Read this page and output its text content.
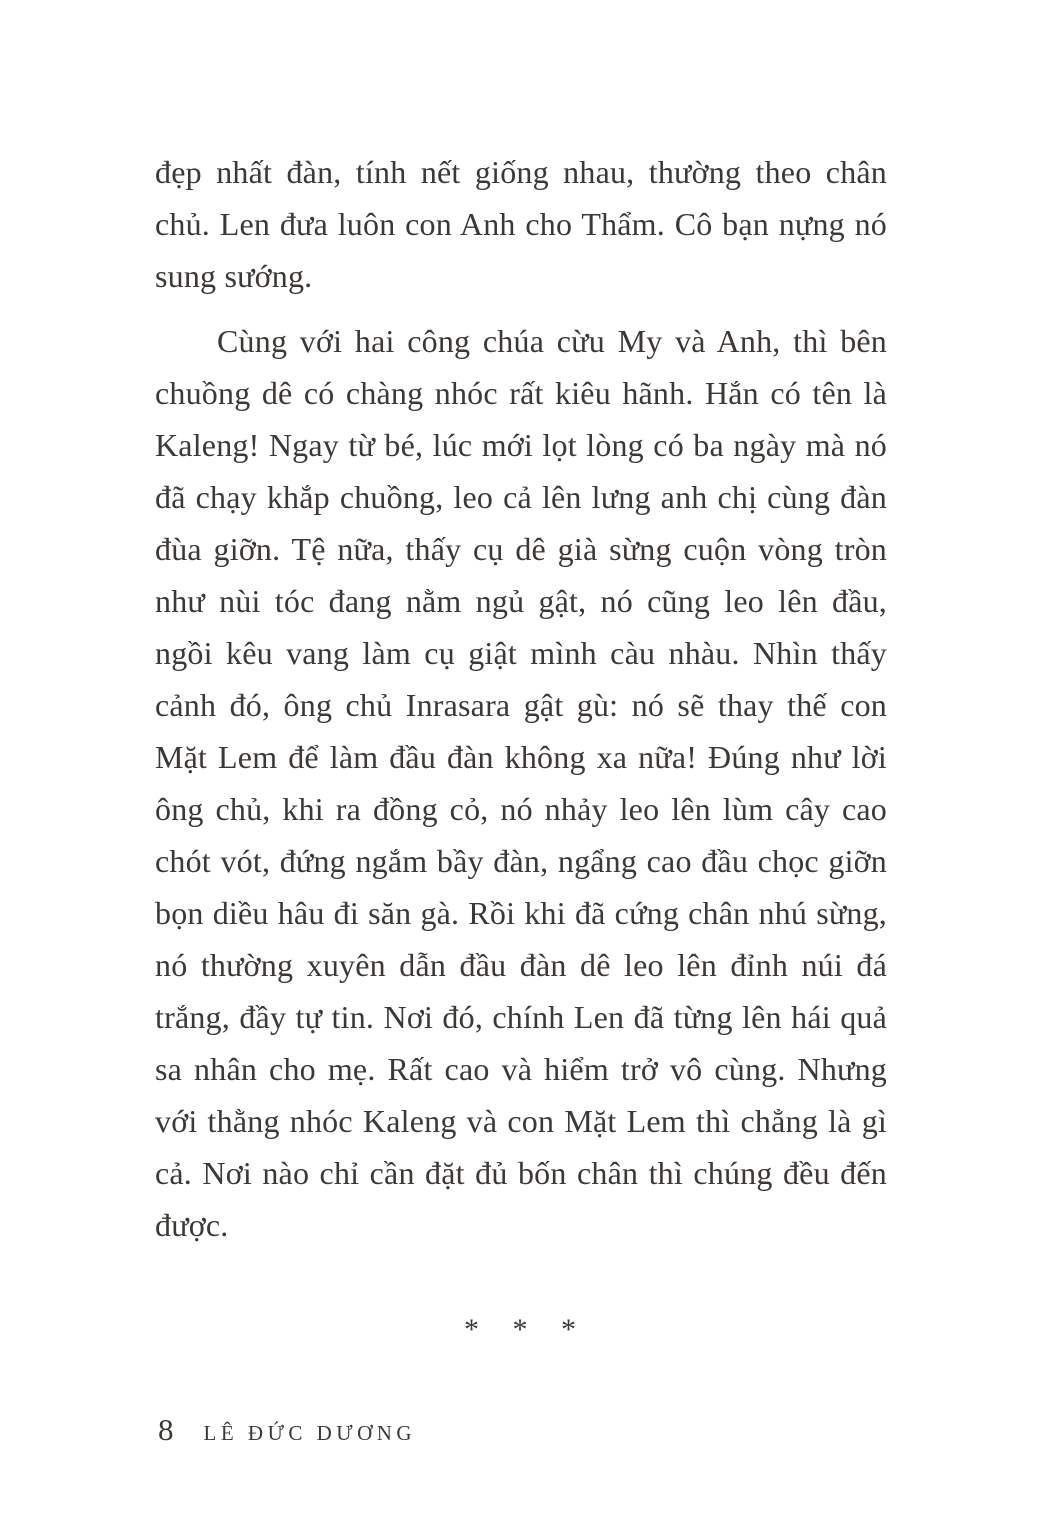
đẹp nhất đàn, tính nết giống nhau, thường theo chân chủ. Len đưa luôn con Anh cho Thẩm. Cô bạn nựng nó sung sướng.

Cùng với hai công chúa cừu My và Anh, thì bên chuồng dê có chàng nhóc rất kiêu hãnh. Hắn có tên là Kaleng! Ngay từ bé, lúc mới lọt lòng có ba ngày mà nó đã chạy khắp chuồng, leo cả lên lưng anh chị cùng đàn đùa giỡn. Tệ nữa, thấy cụ dê già sừng cuộn vòng tròn như nùi tóc đang nằm ngủ gật, nó cũng leo lên đầu, ngồi kêu vang làm cụ giật mình càu nhàu. Nhìn thấy cảnh đó, ông chủ Inrasara gật gù: nó sẽ thay thế con Mặt Lem để làm đầu đàn không xa nữa! Đúng như lời ông chủ, khi ra đồng cỏ, nó nhảy leo lên lùm cây cao chót vót, đứng ngắm bầy đàn, ngẩng cao đầu chọc giỡn bọn diều hâu đi săn gà. Rồi khi đã cứng chân nhú sừng, nó thường xuyên dẫn đầu đàn dê leo lên đỉnh núi đá trắng, đầy tự tin. Nơi đó, chính Len đã từng lên hái quả sa nhân cho mẹ. Rất cao và hiểm trở vô cùng. Nhưng với thằng nhóc Kaleng và con Mặt Lem thì chẳng là gì cả. Nơi nào chỉ cần đặt đủ bốn chân thì chúng đều đến được.

* * *
8 LÊ ĐỨC DƯƠNG
